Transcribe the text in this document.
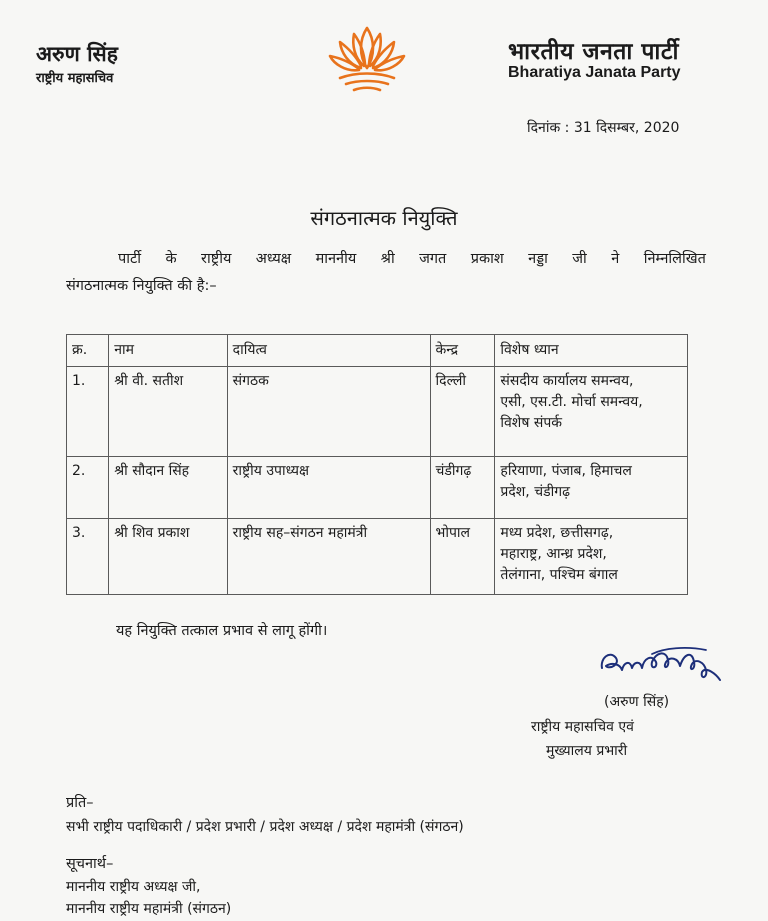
अरुण सिंह
राष्ट्रीय महासचिव
भारतीय जनता पार्टी
Bharatiya Janata Party
दिनांक : 31 दिसम्बर, 2020
संगठनात्मक नियुक्ति
पार्टी के राष्ट्रीय अध्यक्ष माननीय श्री जगत प्रकाश नड्डा जी ने निम्नलिखित
संगठनात्मक नियुक्ति की है:–
क्र.	नाम	दायित्व	केन्द्र	विशेष ध्यान
1.	श्री वी. सतीश	संगठक	दिल्ली	संसदीय कार्यालय समन्वय,
एसी, एस.टी. मोर्चा समन्वय,
विशेष संपर्क

2.	श्री सौदान सिंह	राष्ट्रीय उपाध्यक्ष	चंडीगढ़	हरियाणा, पंजाब, हिमाचल
प्रदेश, चंडीगढ़

3.	श्री शिव प्रकाश	राष्ट्रीय सह–संगठन महामंत्री	भोपाल	मध्य प्रदेश, छत्तीसगढ़,
महाराष्ट्र, आन्ध्र प्रदेश,
तेलंगाना, पश्चिम बंगाल
यह नियुक्ति तत्काल प्रभाव से लागू होंगी।
(अरुण सिंह)
राष्ट्रीय महासचिव एवं
मुख्यालय प्रभारी
प्रति–
सभी राष्ट्रीय पदाधिकारी / प्रदेश प्रभारी / प्रदेश अध्यक्ष / प्रदेश महामंत्री (संगठन)
सूचनार्थ–
माननीय राष्ट्रीय अध्यक्ष जी,
माननीय राष्ट्रीय महामंत्री (संगठन)
